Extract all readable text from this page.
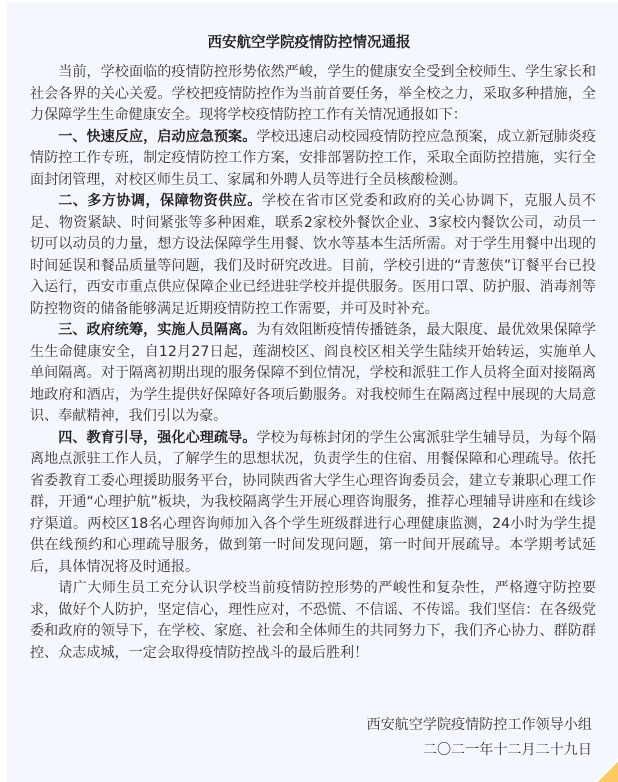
西安航空学院疫情防控情况通报

当前，学校面临的疫情防控形势依然严峻，学生的健康安全受到全校师生、学生家长和社会各界的关心关爱。学校把疫情防控作为当前首要任务，举全校之力，采取多种措施，全力保障学生生命健康安全。现将学校疫情防控工作有关情况通报如下：

一、快速反应，启动应急预案。学校迅速启动校园疫情防控应急预案，成立新冠肺炎疫情防控工作专班，制定疫情防控工作方案，安排部署防控工作，采取全面防控措施，实行全面封闭管理，对校区师生员工、家属和外聘人员等进行全员核酸检测。

二、多方协调，保障物资供应。学校在省市区党委和政府的关心协调下，克服人员不足、物资紧缺、时间紧张等多种困难，联系2家校外餐饮企业、3家校内餐饮公司，动员一切可以动员的力量，想方设法保障学生用餐、饮水等基本生活所需。对于学生用餐中出现的时间延误和餐品质量等问题，我们及时研究改进。目前，学校引进的“青葱侠”订餐平台已投入运行，西安市重点供应保障企业已经进驻学校并提供服务。医用口罩、防护服、消毒剂等防控物资的储备能够满足近期疫情防控工作需要，并可及时补充。

三、政府统筹，实施人员隔离。为有效阻断疫情传播链条，最大限度、最优效果保障学生生命健康安全，自12月27日起，莲湖校区、阎良校区相关学生陆续开始转运，实施单人单间隔离。对于隔离初期出现的服务保障不到位情况，学校和派驻工作人员将全面对接隔离地政府和酒店，为学生提供好保障好各项后勤服务。对我校师生在隔离过程中展现的大局意识、奉献精神，我们引以为豪。

四、教育引导，强化心理疏导。学校为每栋封闭的学生公寓派驻学生辅导员，为每个隔离地点派驻工作人员，了解学生的思想状况，负责学生的住宿、用餐保障和心理疏导。依托省委教育工委心理援助服务平台，协同陕西省大学生心理咨询委员会，建立专兼职心理工作群，开通“心理护航”板块，为我校隔离学生开展心理咨询服务，推荐心理辅导讲座和在线诊疗渠道。两校区18名心理咨询师加入各个学生班级群进行心理健康监测，24小时为学生提供在线预约和心理疏导服务，做到第一时间发现问题，第一时间开展疏导。本学期考试延后，具体情况将及时通报。

请广大师生员工充分认识学校当前疫情防控形势的严峻性和复杂性，严格遵守防控要求，做好个人防护，坚定信心，理性应对，不恐慌、不信谣、不传谣。我们坚信：在各级党委和政府的领导下，在学校、家庭、社会和全体师生的共同努力下，我们齐心协力、群防群控、众志成城，一定会取得疫情防控战斗的最后胜利！

西安航空学院疫情防控工作领导小组
二〇二一年十二月二十九日
